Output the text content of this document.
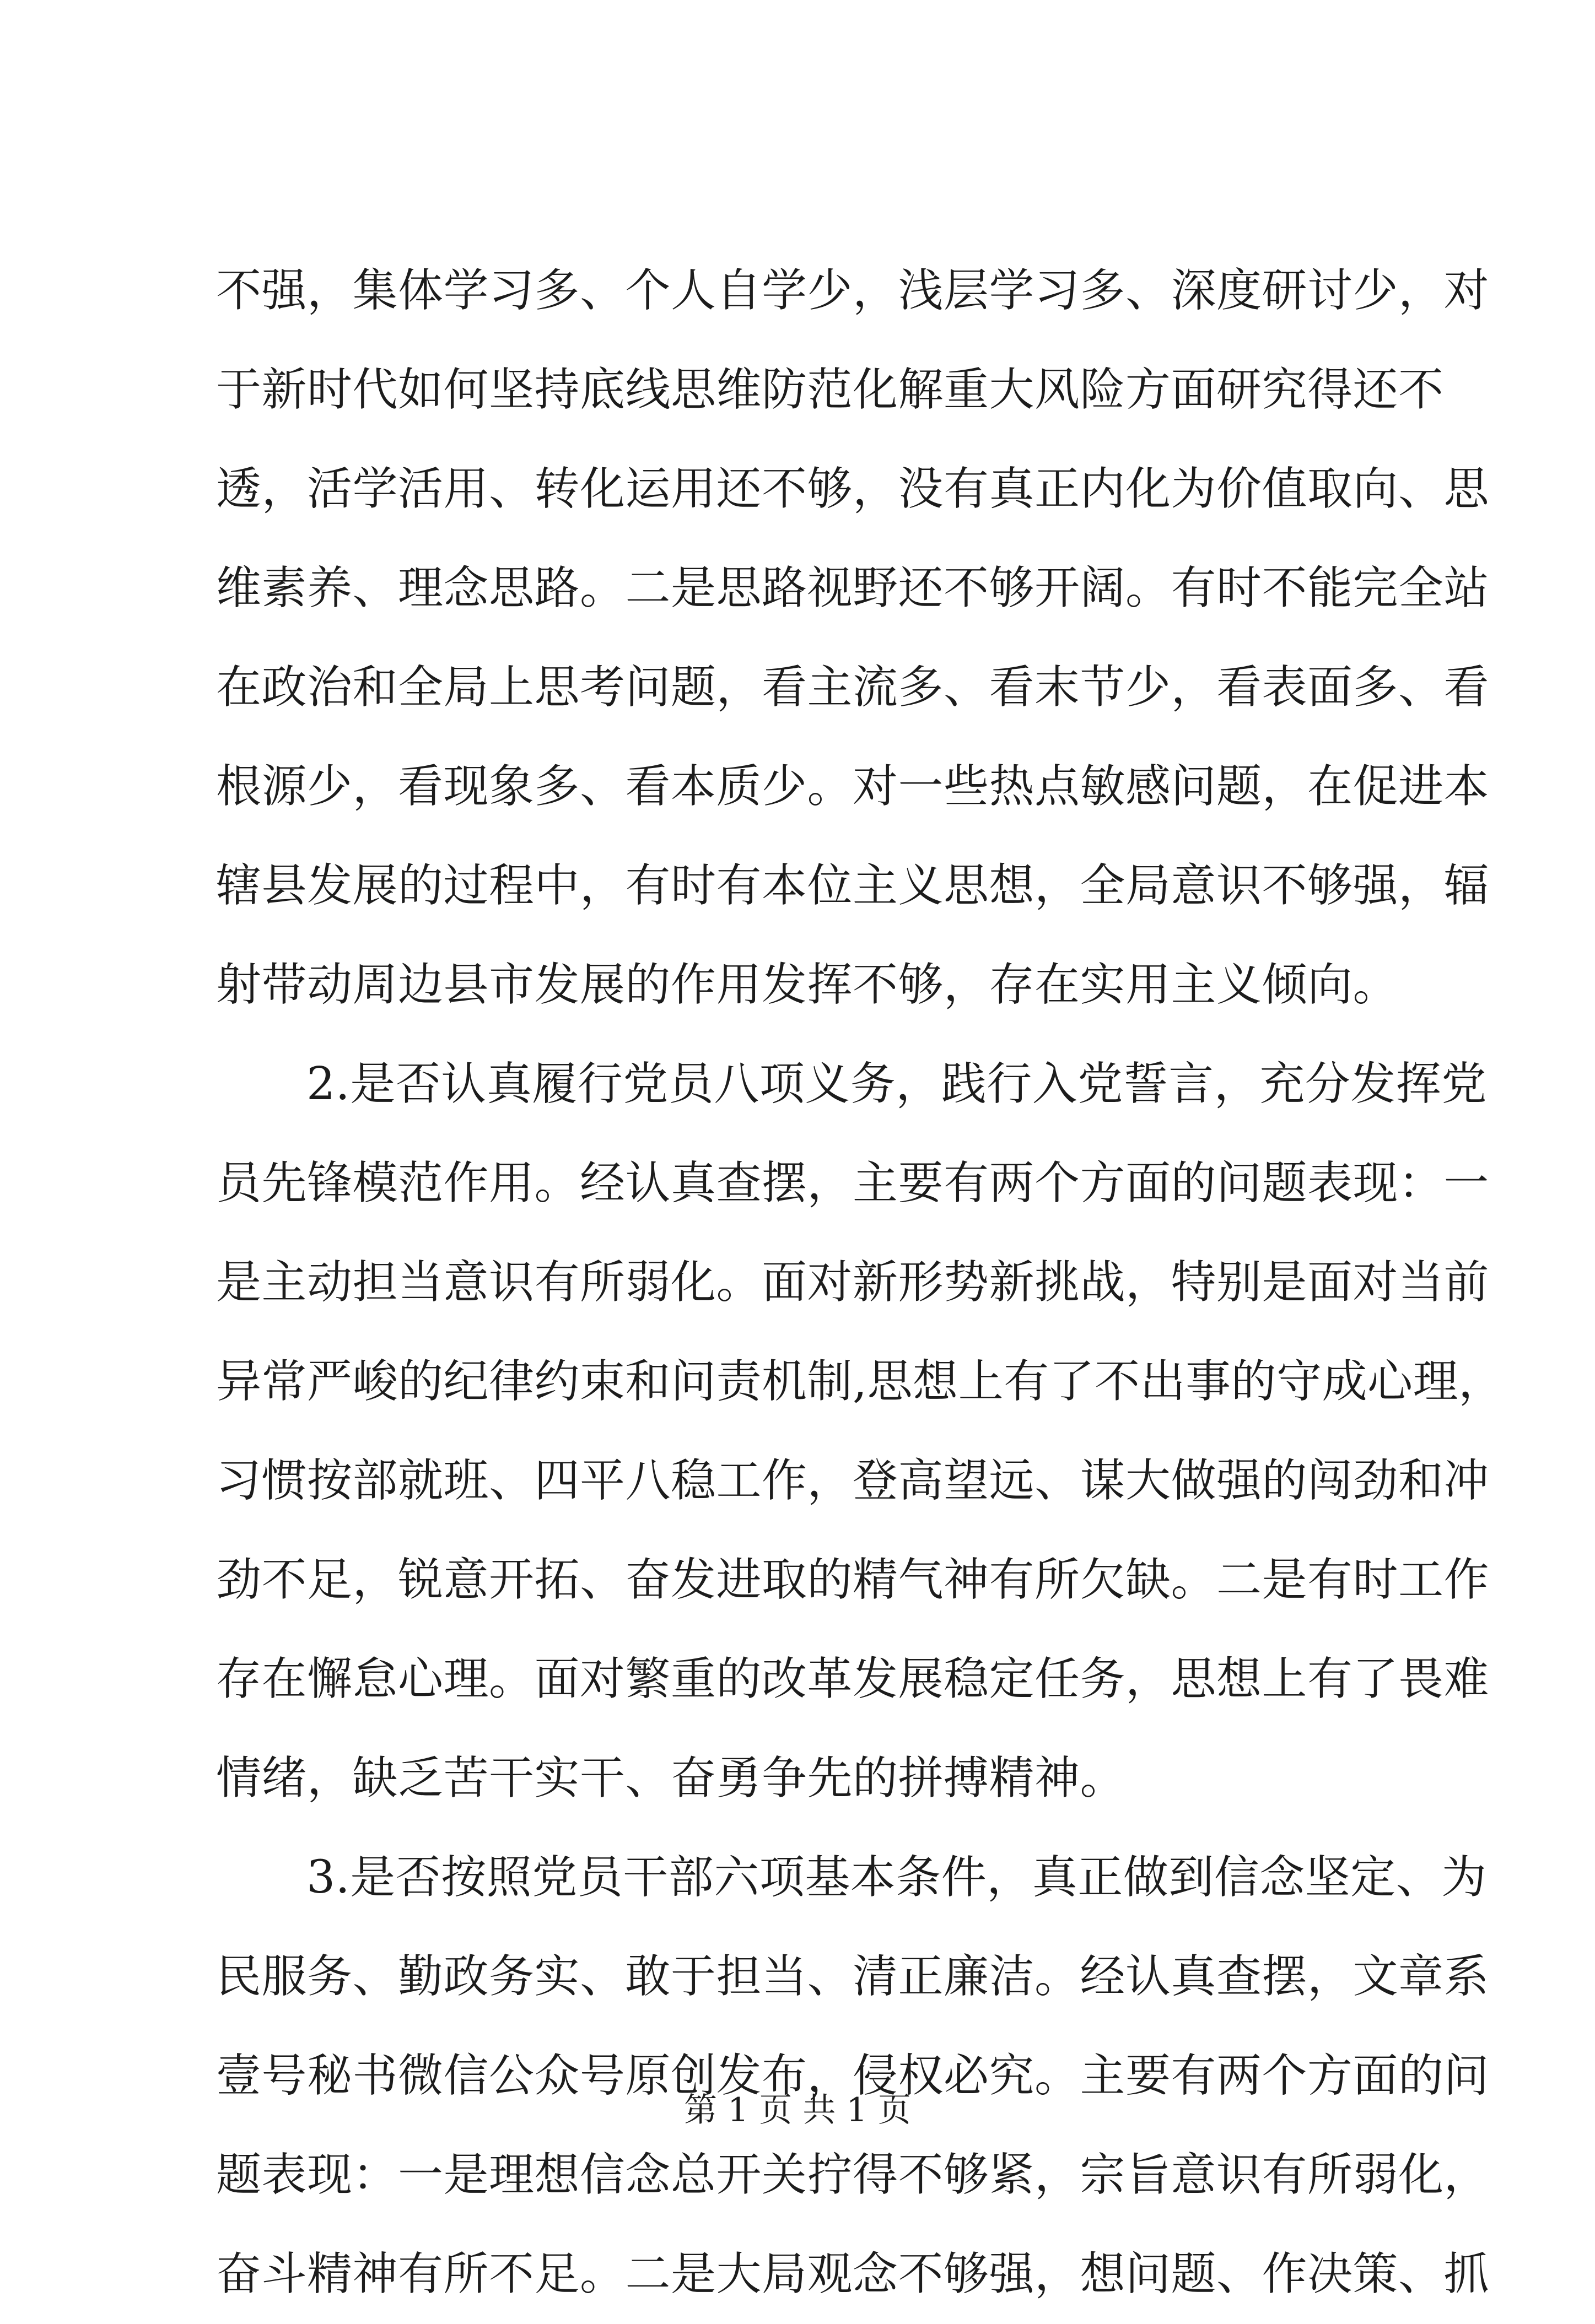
不强，集体学习多、个人自学少，浅层学习多、深度研讨少，对
于新时代如何坚持底线思维防范化解重大风险方面研究得还不
透，活学活用、转化运用还不够，没有真正内化为价值取向、思
维素养、理念思路。二是思路视野还不够开阔。有时不能完全站
在政治和全局上思考问题，看主流多、看末节少，看表面多、看
根源少，看现象多、看本质少。对一些热点敏感问题，在促进本
辖县发展的过程中，有时有本位主义思想，全局意识不够强，辐
射带动周边县市发展的作用发挥不够，存在实用主义倾向。
2.是否认真履行党员八项义务，践行入党誓言，充分发挥党
员先锋模范作用。经认真查摆，主要有两个方面的问题表现：一
是主动担当意识有所弱化。面对新形势新挑战，特别是面对当前
异常严峻的纪律约束和问责机制,思想上有了不出事的守成心理，
习惯按部就班、四平八稳工作，登高望远、谋大做强的闯劲和冲
劲不足，锐意开拓、奋发进取的精气神有所欠缺。二是有时工作
存在懈怠心理。面对繁重的改革发展稳定任务，思想上有了畏难
情绪，缺乏苦干实干、奋勇争先的拼搏精神。
3.是否按照党员干部六项基本条件，真正做到信念坚定、为
民服务、勤政务实、敢于担当、清正廉洁。经认真查摆，文章系
壹号秘书微信公众号原创发布，侵权必究。主要有两个方面的问
题表现：一是理想信念总开关拧得不够紧，宗旨意识有所弱化，
奋斗精神有所不足。二是大局观念不够强，想问题、作决策、抓
第 1 页 共 1 页
